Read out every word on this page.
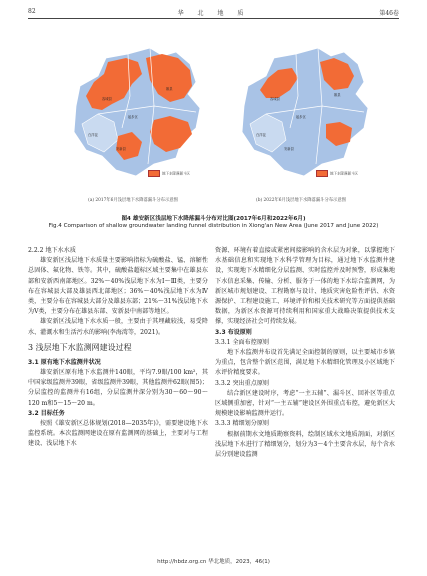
82	华 北 地 质	第46卷
容城县
雄县
起步区
白洋淀
安新县
地下水降落漏斗区
(a) 2017年6月浅层地下水降落漏斗分布示意图
容城县
雄县
起步区
白洋淀
安新县
地下水降落漏斗区
(b) 2022年6月浅层地下水降落漏斗分布示意图
图4 雄安新区浅层地下水降落漏斗分布对比图(2017年6月和2022年6月)
Fig.4 Comparison of shallow groundwater landing funnel distribution in Xiong'an New Area (June 2017 and June 2022)

2.2.2 地下水水质

雄安新区浅层地下水质量主要影响指标为硫酸盐、锰、溶解性总固体、氟化物、铁等。其中，硫酸盐超标区域主要集中在雄县东部和安新西南部地区。32%～40%浅层地下水为Ⅰ～Ⅲ类，主要分布在容城县大部及雄县西北部地区；36%～40%浅层地下水为Ⅳ类，主要分布在容城县大部分及雄县东部；21%～31%浅层地下水为Ⅴ类，主要分布在雄县东部、安新县中南部等地区。

雄安新区浅层地下水水质一般，主要由于其埋藏较浅，易受降水、灌溉水和生活污水的影响(李海湾等，2021)。

3 浅层地下水监测网建设过程

3.1 原有地下水监测井状况

雄安新区原有地下水监测井140眼，平均7.9眼/100 km²，其中国家级监测井39眼，省级监测井39眼，其他监测井62眼(图5)；分层监控的监测井有16组，分层监测井深分别为30～60～90～120 m和5～15～20 m。

3.2 目标任务

按照《雄安新区总体规划(2018—2035年)》，需要建设地下水监控系统。本次监测网建设在原有监测网的基础上，主要对与工程建设、浅层地下水

资源、环境有着直接或紧密间接影响的含水层为对象，以掌握地下水基础信息和实现地下水科学管理为目标，通过地下水监测井建设，实现地下水精细化分层监测、实时监控并及时预警，形成集地下水信息采集、传输、分析、服务于一体的地下水综合监测网，为新区城市规划建设、工程勘察与设计、地质灾害危险性评估、水资源保护、工程建设施工、环境评价和相关技术研究等方面提供基础数据，为新区水资源可持续利用和国家重大战略决策提供技术支撑，实现经济社会可持续发展。

3.3 布设原则

3.3.1 全面布控原则

地下水监测井布设首先满足全面控制的原则，以主要城市乡镇为重点，包含整个新区范围，满足地下水精细化管理及小区域地下水评价精度要求。

3.3.2 突出重点原则

结合新区建设时序，考虑“一主五辅”、漏斗区、回补区等重点区域侧重加密，针对“一主五辅”建设区外围重点布控，避免新区大规模建设影响监测井运行。

3.3.3 精细划分原则

根据前期水文地质勘察资料，绘制区域水文地质剖面，对新区浅层地下水进行了精细划分，划分为3～4个主要含水层，每个含水层分别建设监测

http://hbdz.org.cn 华北地质，2023，46(1)
